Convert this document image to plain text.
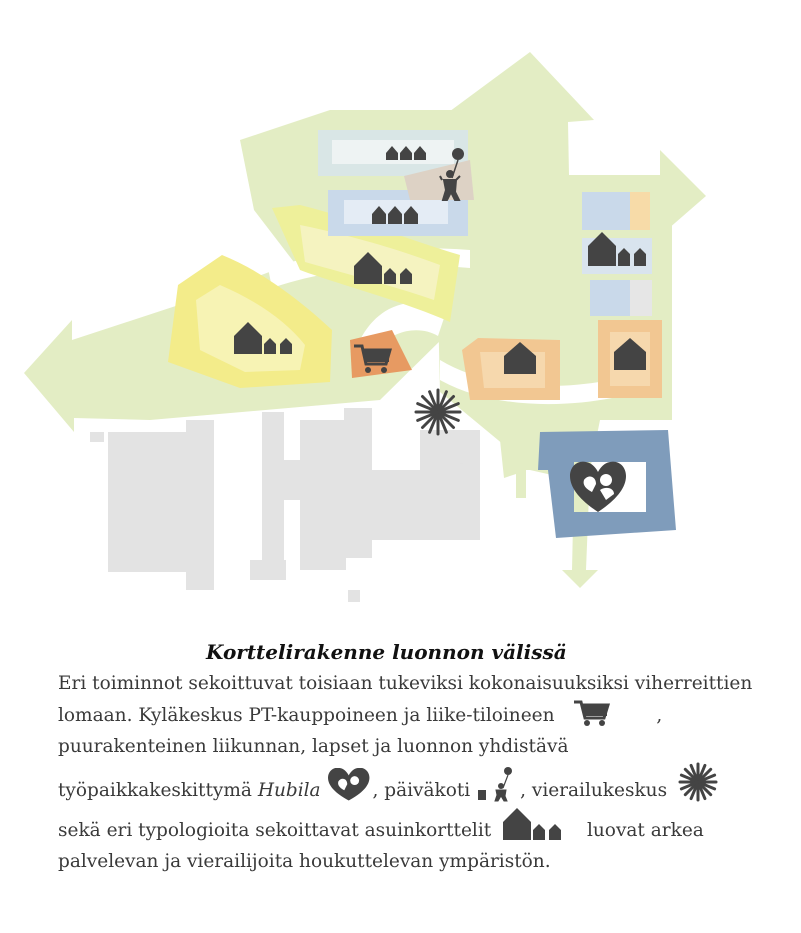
Korttelirakenne luonnon välissä

Eri toiminnot sekoittuvat toisiaan tukeviksi kokonaisuuksiksi viherreittien lomaan. Kyläkeskus PT-kauppoineen ja liike-tiloineen	, puurakenteinen liikunnan, lapset ja luonnon yhdistävä työpaikkakeskittymä Hubila	, päiväkoti	, vierailukeskus  sekä eri typologioita sekoittavat asuinkorttelit	luovat arkea palvelevan ja vierailijoita houkuttelevan ympäristön.
